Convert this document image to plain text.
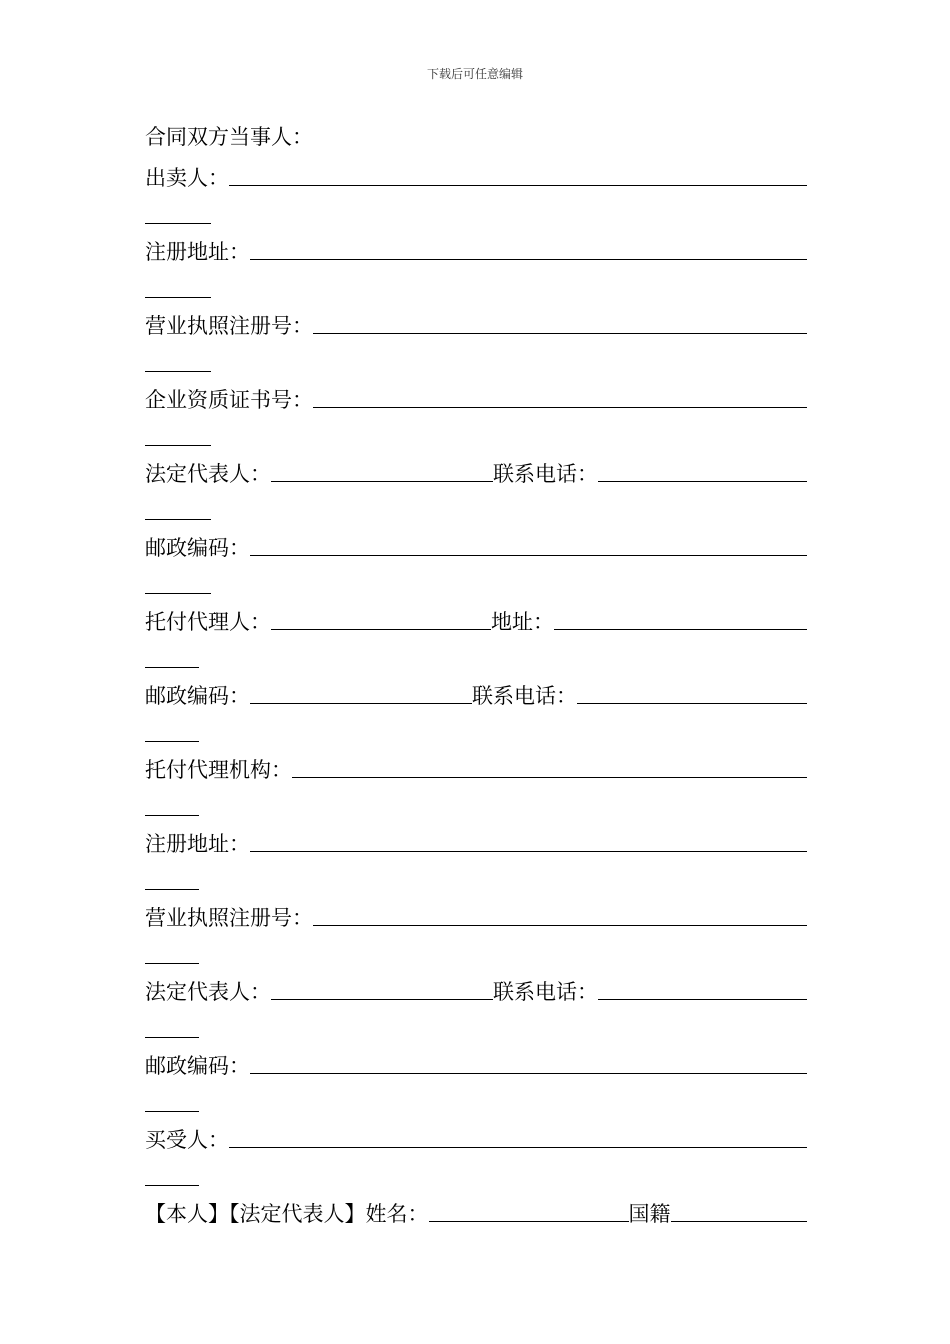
下载后可任意编辑
合同双方当事人：
出卖人：
注册地址：
营业执照注册号：
企业资质证书号：
法定代表人：	联系电话：
邮政编码：
托付代理人：	地址：
邮政编码：	联系电话：
托付代理机构：
注册地址：
营业执照注册号：
法定代表人：	联系电话：
邮政编码：
买受人：
【本人】【法定代表人】姓名：	国籍
